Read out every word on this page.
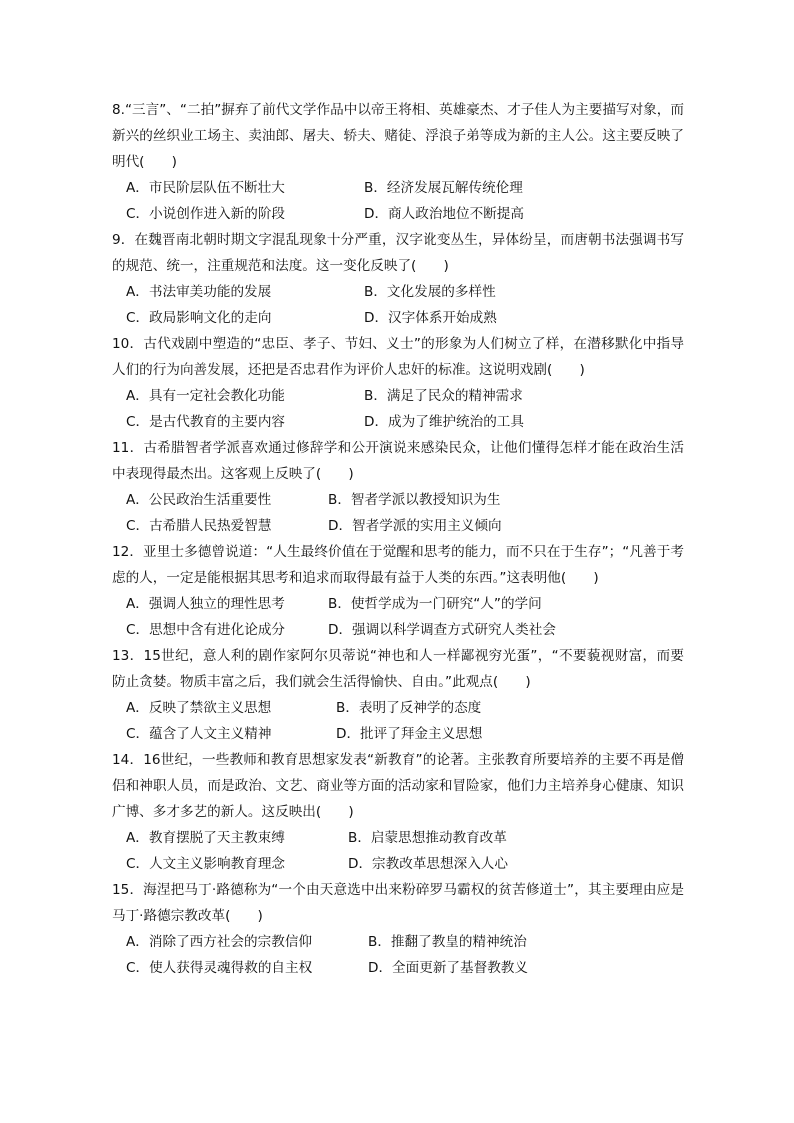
8.“三言”、“二拍”摒弃了前代文学作品中以帝王将相、英雄豪杰、才子佳人为主要描写对象，而新兴的丝织业工场主、卖油郎、屠夫、轿夫、赌徒、浮浪子弟等成为新的主人公。这主要反映了明代(　　)
A．市民阶层队伍不断壮大	B．经济发展瓦解传统伦理
C．小说创作进入新的阶段	D．商人政治地位不断提高
9．在魏晋南北朝时期文字混乱现象十分严重，汉字讹变丛生，异体纷呈，而唐朝书法强调书写的规范、统一，注重规范和法度。这一变化反映了(　　)
A．书法审美功能的发展	B．文化发展的多样性
C．政局影响文化的走向	D．汉字体系开始成熟
10．古代戏剧中塑造的“忠臣、孝子、节妇、义士”的形象为人们树立了样，在潜移默化中指导人们的行为向善发展，还把是否忠君作为评价人忠奸的标准。这说明戏剧(　　)
A．具有一定社会教化功能	B．满足了民众的精神需求
C．是古代教育的主要内容	D．成为了维护统治的工具
11．古希腊智者学派喜欢通过修辞学和公开演说来感染民众，让他们懂得怎样才能在政治生活中表现得最杰出。这客观上反映了(　　)
A．公民政治生活重要性	B．智者学派以教授知识为生
C．古希腊人民热爱智慧	D．智者学派的实用主义倾向
12．亚里士多德曾说道：“人生最终价值在于觉醒和思考的能力，而不只在于生存”；“凡善于考虑的人，一定是能根据其思考和追求而取得最有益于人类的东西。”这表明他(　　)
A．强调人独立的理性思考	B．使哲学成为一门研究“人”的学问
C．思想中含有进化论成分	D．强调以科学调查方式研究人类社会
13．15世纪，意人利的剧作家阿尔贝蒂说“神也和人一样鄙视穷光蛋”，“不要藐视财富，而要防止贪婪。物质丰富之后，我们就会生活得愉快、自由。”此观点(　　)
A．反映了禁欲主义思想	B．表明了反神学的态度
C．蕴含了人文主义精神	D．批评了拜金主义思想
14．16世纪，一些教师和教育思想家发表“新教育”的论著。主张教育所要培养的主要不再是僧侣和神职人员，而是政治、文艺、商业等方面的活动家和冒险家，他们力主培养身心健康、知识广博、多才多艺的新人。这反映出(　　)
A．教育摆脱了天主教束缚	B．启蒙思想推动教育改革
C．人文主义影响教育理念	D．宗教改革思想深入人心
15．海涅把马丁·路德称为“一个由天意选中出来粉碎罗马霸权的贫苦修道士”，其主要理由应是马丁·路德宗教改革(　　)
A．消除了西方社会的宗教信仰	B．推翻了教皇的精神统治
C．使人获得灵魂得救的自主权	D．全面更新了基督教教义
